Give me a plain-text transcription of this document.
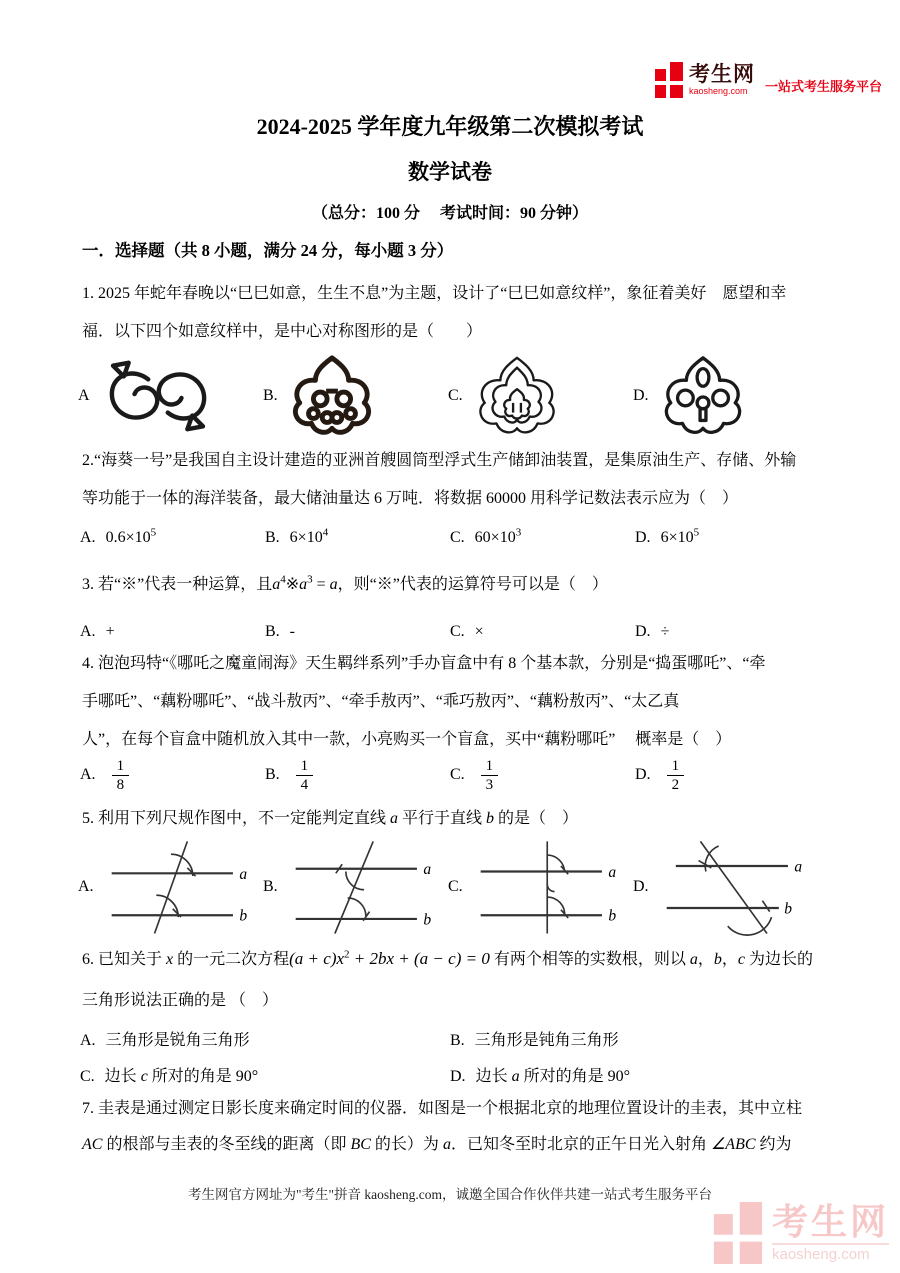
考生网
kaosheng.com	一站式考生服务平台
2024-2025 学年度九年级第二次模拟考试
数学试卷
（总分：100 分　 考试时间：90 分钟）
一．选择题（共 8 小题，满分 24 分，每小题 3 分）
1. 2025 年蛇年春晚以“巳巳如意，生生不息”为主题，设计了“巳巳如意纹样”，象征着美好　愿望和幸
福．以下四个如意纹样中，是中心对称图形的是（　　）
A	B.	C.	D.
2.“海葵一号”是我国自主设计建造的亚洲首艘圆筒型浮式生产储卸油装置，是集原油生产、存储、外输
等功能于一体的海洋装备，最大储油量达 6 万吨．将数据 60000 用科学记数法表示应为（　）
A. $0.6\times 10^5$	B. $6\times 10^4$	C. $60\times 10^3$	D. $6\times 10^5$
3. 若“※”代表一种运算，且$a^4※a^3 = a$，则“※”代表的运算符号可以是（　）
A. +	B. -	C. ×	D. ÷
4. 泡泡玛特“《哪吒之魔童闹海》天生羁绊系列”手办盲盒中有 8 个基本款，分别是“捣蛋哪吒”、“牵
手哪吒”、“藕粉哪吒”、“战斗敖丙”、“牵手敖丙”、“乖巧敖丙”、“藕粉敖丙”、“太乙真
人”，在每个盲盒中随机放入其中一款，小亮购买一个盲盒，买中“藕粉哪吒”　 概率是（　）
A. $\frac{1}{8}$	B. $\frac{1}{4}$	C. $\frac{1}{3}$	D. $\frac{1}{2}$
5. 利用下列尺规作图中，不一定能判定直线 a 平行于直线 b 的是（　）
A.
a
b
B.
a
b
C.
a
b
D.
a
b
6. 已知关于 x 的一元二次方程$(a + c)x^2 + 2bx + (a - c) = 0$ 有两个相等的实数根，则以 a，b，c 为边长的
三角形说法正确的是 （　）
A. 三角形是锐角三角形	B. 三角形是钝角三角形
C. 边长 c 所对的角是 90°	D. 边长 a 所对的角是 90°
7. 圭表是通过测定日影长度来确定时间的仪器．如图是一个根据北京的地理位置设计的圭表，其中立柱
AC 的根部与圭表的冬至线的距离（即 BC 的长）为 a．已知冬至时北京的正午日光入射角 ∠ABC 约为
考生网官方网址为"考生"拼音 kaosheng.com，诚邀全国合作伙伴共建一站式考生服务平台
考生网
kaosheng.com
